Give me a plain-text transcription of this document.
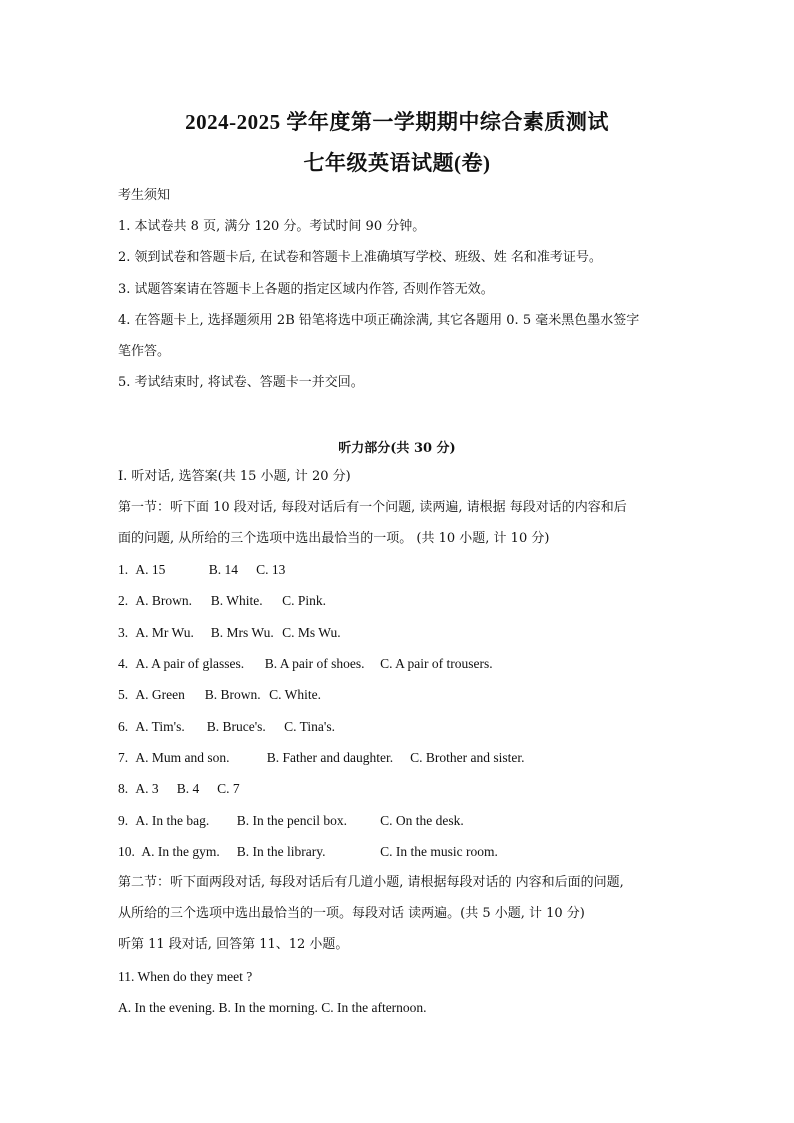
2024-2025 学年度第一学期期中综合素质测试
七年级英语试题(卷)
考生须知
1. 本试卷共 8 页, 满分 120 分。考试时间 90 分钟。
2. 领到试卷和答题卡后, 在试卷和答题卡上准确填写学校、班级、姓 名和准考证号。
3. 试题答案请在答题卡上各题的指定区域内作答, 否则作答无效。
4. 在答题卡上, 选择题须用 2B 铅笔将选中项正确涂满, 其它各题用 0. 5 毫米黑色墨水签字
笔作答。
5. 考试结束时, 将试卷、答题卡一并交回。
听力部分(共 30 分)
I. 听对话, 选答案(共 15 小题, 计 20 分)
第一节：听下面 10 段对话, 每段对话后有一个问题, 读两遍, 请根据 每段对话的内容和后
面的问题, 从所给的三个选项中选出最恰当的一项。 (共 10 小题, 计 10 分)
1. A. 15	B. 14 C. 13
2. A. Brown. B. White. C. Pink.
3. A. Mr Wu. B. Mrs Wu. C. Ms Wu.
4. A. A pair of glasses. B. A pair of shoes. C. A pair of trousers.
5. A. Green B. Brown. C. White.
6. A. Tim's. B. Bruce's. C. Tina's.
7. A. Mum and son.	B. Father and daughter. C. Brother and sister.
8. A. 3 B. 4 C. 7
9. A. In the bag. B. In the pencil box. C. On the desk.
10. A. In the gym. B. In the library.	C. In the music room.
第二节：听下面两段对话, 每段对话后有几道小题, 请根据每段对话的 内容和后面的问题,
从所给的三个选项中选出最恰当的一项。每段对话 读两遍。(共 5 小题, 计 10 分)
听第 11 段对话, 回答第 11、12 小题。
11. When do they meet ?
A. In the evening. B. In the morning. C. In the afternoon.
